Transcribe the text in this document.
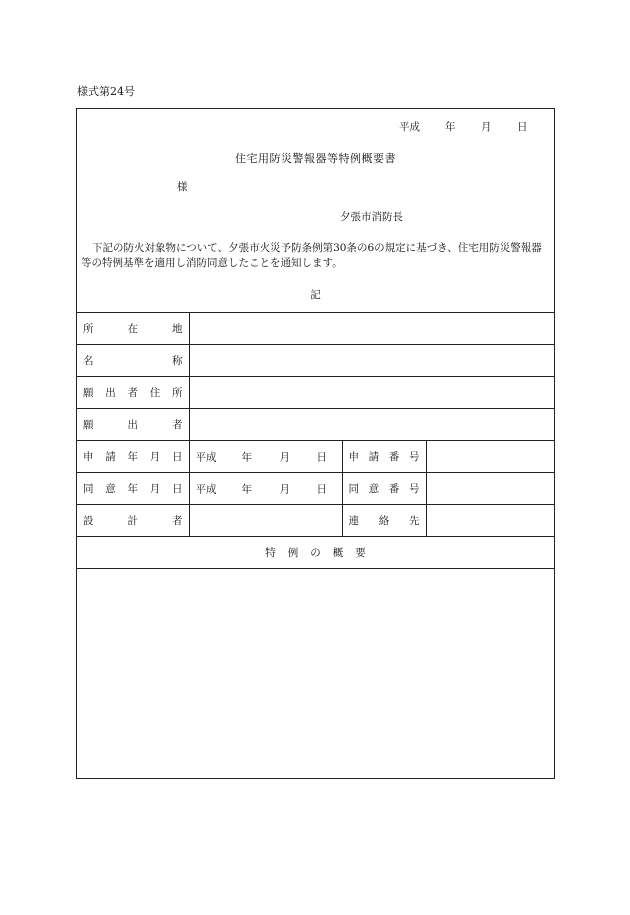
様式第24号
平成 年 月 日
住宅用防災警報器等特例概要書
様
夕張市消防長
下記の防火対象物について、夕張市火災予防条例第30条の6の規定に基づき、住宅用防災警報器等の特例基準を適用し消防同意したことを通知します。
記
所 在 地			

名 称			

願 出 者 住 所			

願 出 者			

申 請 年 月 日	平成 年 月 日	申 請 番 号	

同 意 年 月 日	平成 年 月 日	同 意 番 号	

設 計 者		連 絡 先	

特 例 の 概 要			
